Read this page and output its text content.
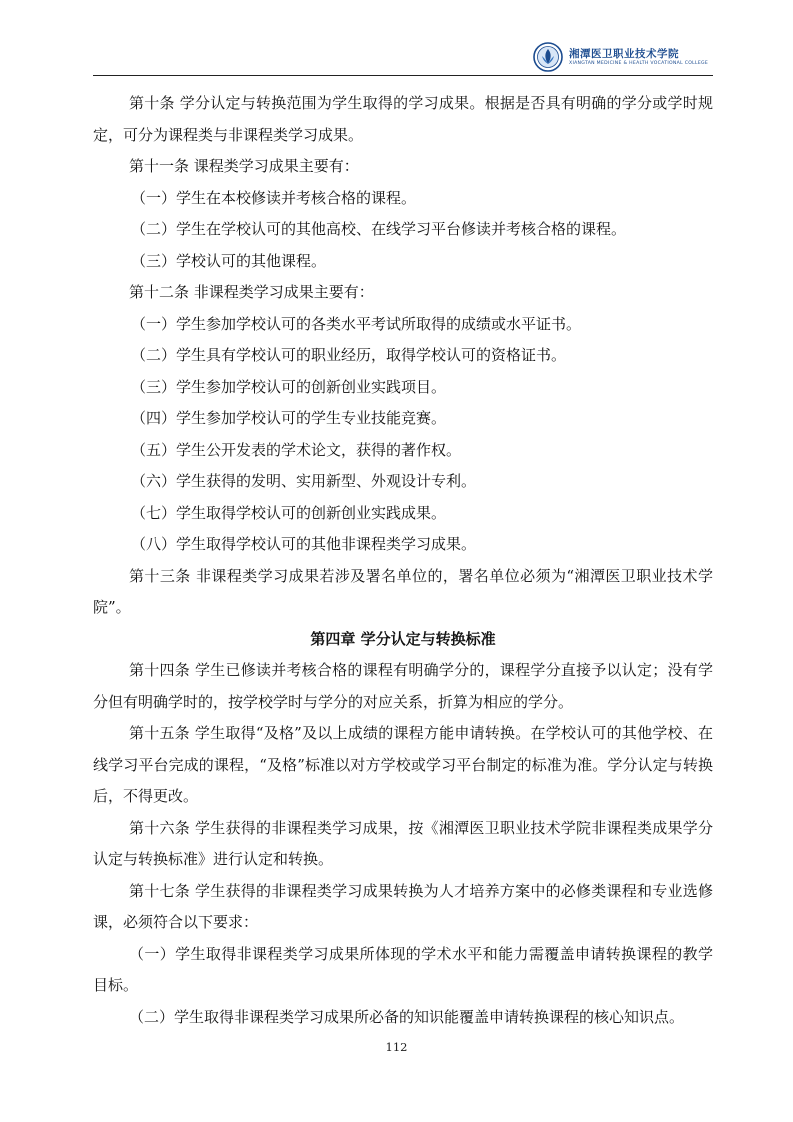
湘潭医卫职业技术学院
XIANGTAN MEDICINE & HEALTH VOCATIONAL COLLEGE

第十条 学分认定与转换范围为学生取得的学习成果。根据是否具有明确的学分或学时规定，可分为课程类与非课程类学习成果。

第十一条 课程类学习成果主要有：

（一）学生在本校修读并考核合格的课程。

（二）学生在学校认可的其他高校、在线学习平台修读并考核合格的课程。

（三）学校认可的其他课程。

第十二条 非课程类学习成果主要有：

（一）学生参加学校认可的各类水平考试所取得的成绩或水平证书。

（二）学生具有学校认可的职业经历，取得学校认可的资格证书。

（三）学生参加学校认可的创新创业实践项目。

（四）学生参加学校认可的学生专业技能竞赛。

（五）学生公开发表的学术论文，获得的著作权。

（六）学生获得的发明、实用新型、外观设计专利。

（七）学生取得学校认可的创新创业实践成果。

（八）学生取得学校认可的其他非课程类学习成果。

第十三条 非课程类学习成果若涉及署名单位的，署名单位必须为“湘潭医卫职业技术学院”。

第四章 学分认定与转换标准

第十四条 学生已修读并考核合格的课程有明确学分的，课程学分直接予以认定；没有学分但有明确学时的，按学校学时与学分的对应关系，折算为相应的学分。

第十五条 学生取得“及格”及以上成绩的课程方能申请转换。在学校认可的其他学校、在线学习平台完成的课程，“及格”标准以对方学校或学习平台制定的标准为准。学分认定与转换后，不得更改。

第十六条 学生获得的非课程类学习成果，按《湘潭医卫职业技术学院非课程类成果学分认定与转换标准》进行认定和转换。

第十七条 学生获得的非课程类学习成果转换为人才培养方案中的必修类课程和专业选修课，必须符合以下要求：

（一）学生取得非课程类学习成果所体现的学术水平和能力需覆盖申请转换课程的教学目标。

（二）学生取得非课程类学习成果所必备的知识能覆盖申请转换课程的核心知识点。

112
